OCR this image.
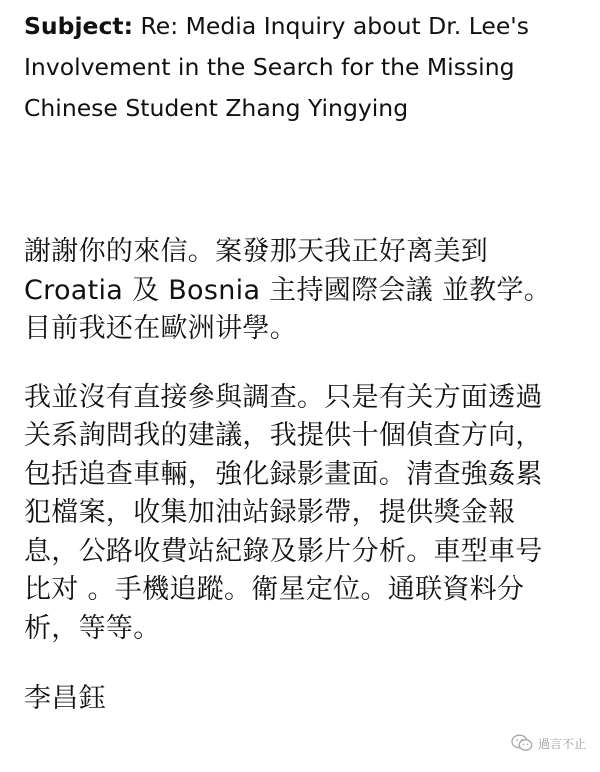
Subject: Re: Media Inquiry about Dr. Lee's
Involvement in the Search for the Missing
Chinese Student Zhang Yingying
謝謝你的來信。案發那天我正好离美到
Croatia 及 Bosnia 主持國際会議 並教学。
目前我还在歐洲讲學。
我並沒有直接參與調查。只是有关方面透過
关系詢問我的建議，我提供十個偵查方向，
包括追查車輛，強化録影畫面。清查強姦累
犯檔案，收集加油站録影帶，提供獎金報
息，公路收費站紀錄及影片分析。車型車号
比对 。手機追蹤。衛星定位。通联資料分
析，等等。
李昌鈺
過言不止
